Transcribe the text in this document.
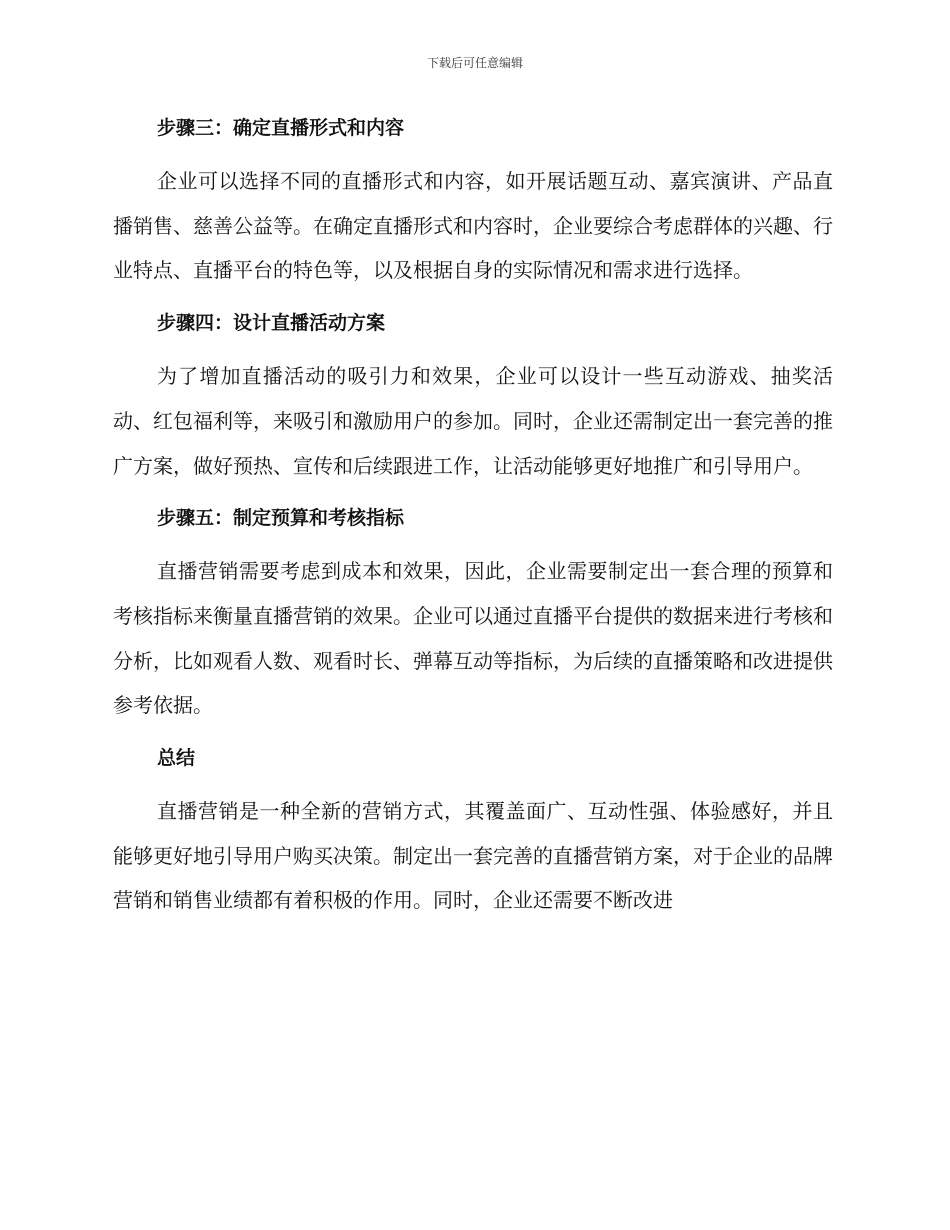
下载后可任意编辑
步骤三：确定直播形式和内容

企业可以选择不同的直播形式和内容，如开展话题互动、嘉宾演讲、产品直播销售、慈善公益等。在确定直播形式和内容时，企业要综合考虑群体的兴趣、行业特点、直播平台的特色等，以及根据自身的实际情况和需求进行选择。

步骤四：设计直播活动方案

为了增加直播活动的吸引力和效果，企业可以设计一些互动游戏、抽奖活动、红包福利等，来吸引和激励用户的参加。同时，企业还需制定出一套完善的推广方案，做好预热、宣传和后续跟进工作，让活动能够更好地推广和引导用户。

步骤五：制定预算和考核指标

直播营销需要考虑到成本和效果，因此，企业需要制定出一套合理的预算和考核指标来衡量直播营销的效果。企业可以通过直播平台提供的数据来进行考核和分析，比如观看人数、观看时长、弹幕互动等指标，为后续的直播策略和改进提供参考依据。

总结

直播营销是一种全新的营销方式，其覆盖面广、互动性强、体验感好，并且能够更好地引导用户购买决策。制定出一套完善的直播营销方案，对于企业的品牌营销和销售业绩都有着积极的作用。同时，企业还需要不断改进
